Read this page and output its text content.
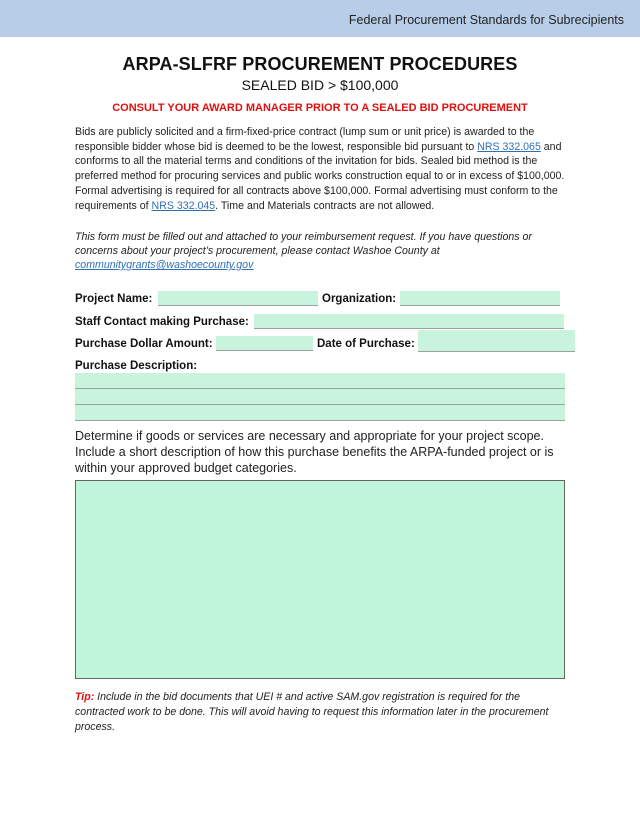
Federal Procurement Standards for Subrecipients
ARPA-SLFRF PROCUREMENT PROCEDURES
SEALED BID > $100,000
CONSULT YOUR AWARD MANAGER PRIOR TO A SEALED BID PROCUREMENT
Bids are publicly solicited and a firm-fixed-price contract (lump sum or unit price) is awarded to the responsible bidder whose bid is deemed to be the lowest, responsible bid pursuant to NRS 332.065 and conforms to all the material terms and conditions of the invitation for bids. Sealed bid method is the preferred method for procuring services and public works construction equal to or in excess of $100,000. Formal advertising is required for all contracts above $100,000. Formal advertising must conform to the requirements of NRS 332.045. Time and Materials contracts are not allowed.
This form must be filled out and attached to your reimbursement request. If you have questions or concerns about your project’s procurement, please contact Washoe County at communitygrants@washoecounty.gov
Project Name:	Organization:
Staff Contact making Purchase:
Purchase Dollar Amount:	Date of Purchase:
Purchase Description:
Determine if goods or services are necessary and appropriate for your project scope. Include a short description of how this purchase benefits the ARPA-funded project or is within your approved budget categories.
Tip: Include in the bid documents that UEI # and active SAM.gov registration is required for the contracted work to be done. This will avoid having to request this information later in the procurement process.
